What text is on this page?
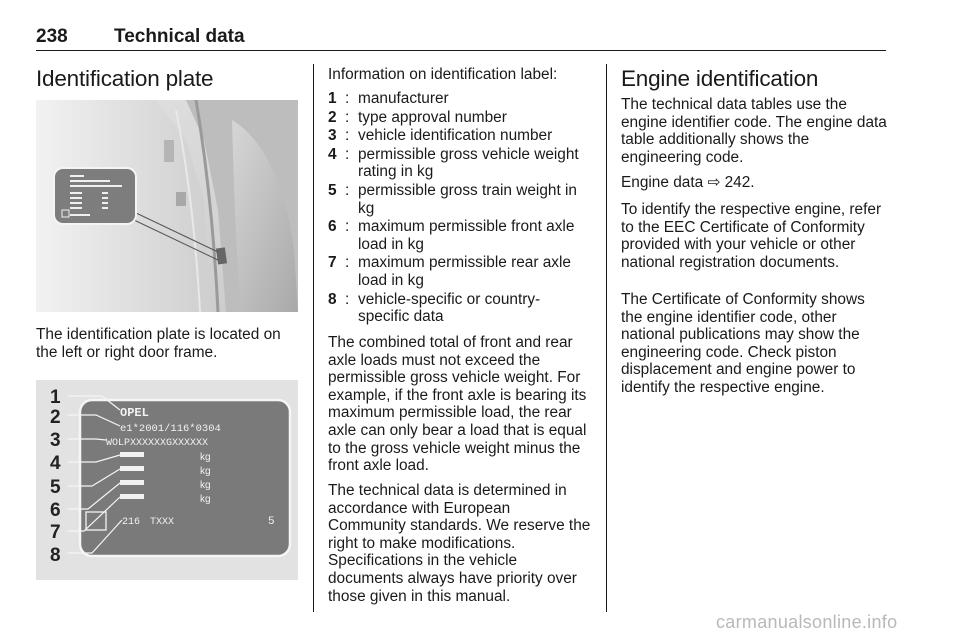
238 Technical data
Identification plate

The identification plate is located on the left or right door frame.

OPEL
e1*2001/116*0304
WOLPXXXXXXGXXXXXX
kg
kg
kg
kg
216 TXXX	5
1
2
3
4
5
6
7
8

Information on identification label:

1 : manufacturer
2 : type approval number
3 : vehicle identification number
4 : permissible gross vehicle weight rating in kg
5 : permissible gross train weight in kg
6 : maximum permissible front axle load in kg
7 : maximum permissible rear axle load in kg
8 : vehicle-specific or country-specific data

The combined total of front and rear axle loads must not exceed the permissible gross vehicle weight. For example, if the front axle is bearing its maximum permissible load, the rear axle can only bear a load that is equal to the gross vehicle weight minus the front axle load.

The technical data is determined in accordance with European Community standards. We reserve the right to make modifications. Specifications in the vehicle documents always have priority over those given in this manual.

Engine identification

The technical data tables use the engine identifier code. The engine data table additionally shows the engineering code.

Engine data ⇨ 242.

To identify the respective engine, refer to the EEC Certificate of Conformity provided with your vehicle or other national registration documents.

The Certificate of Conformity shows the engine identifier code, other national publications may show the engineering code. Check piston displacement and engine power to identify the respective engine.

carmanualsonline.info
